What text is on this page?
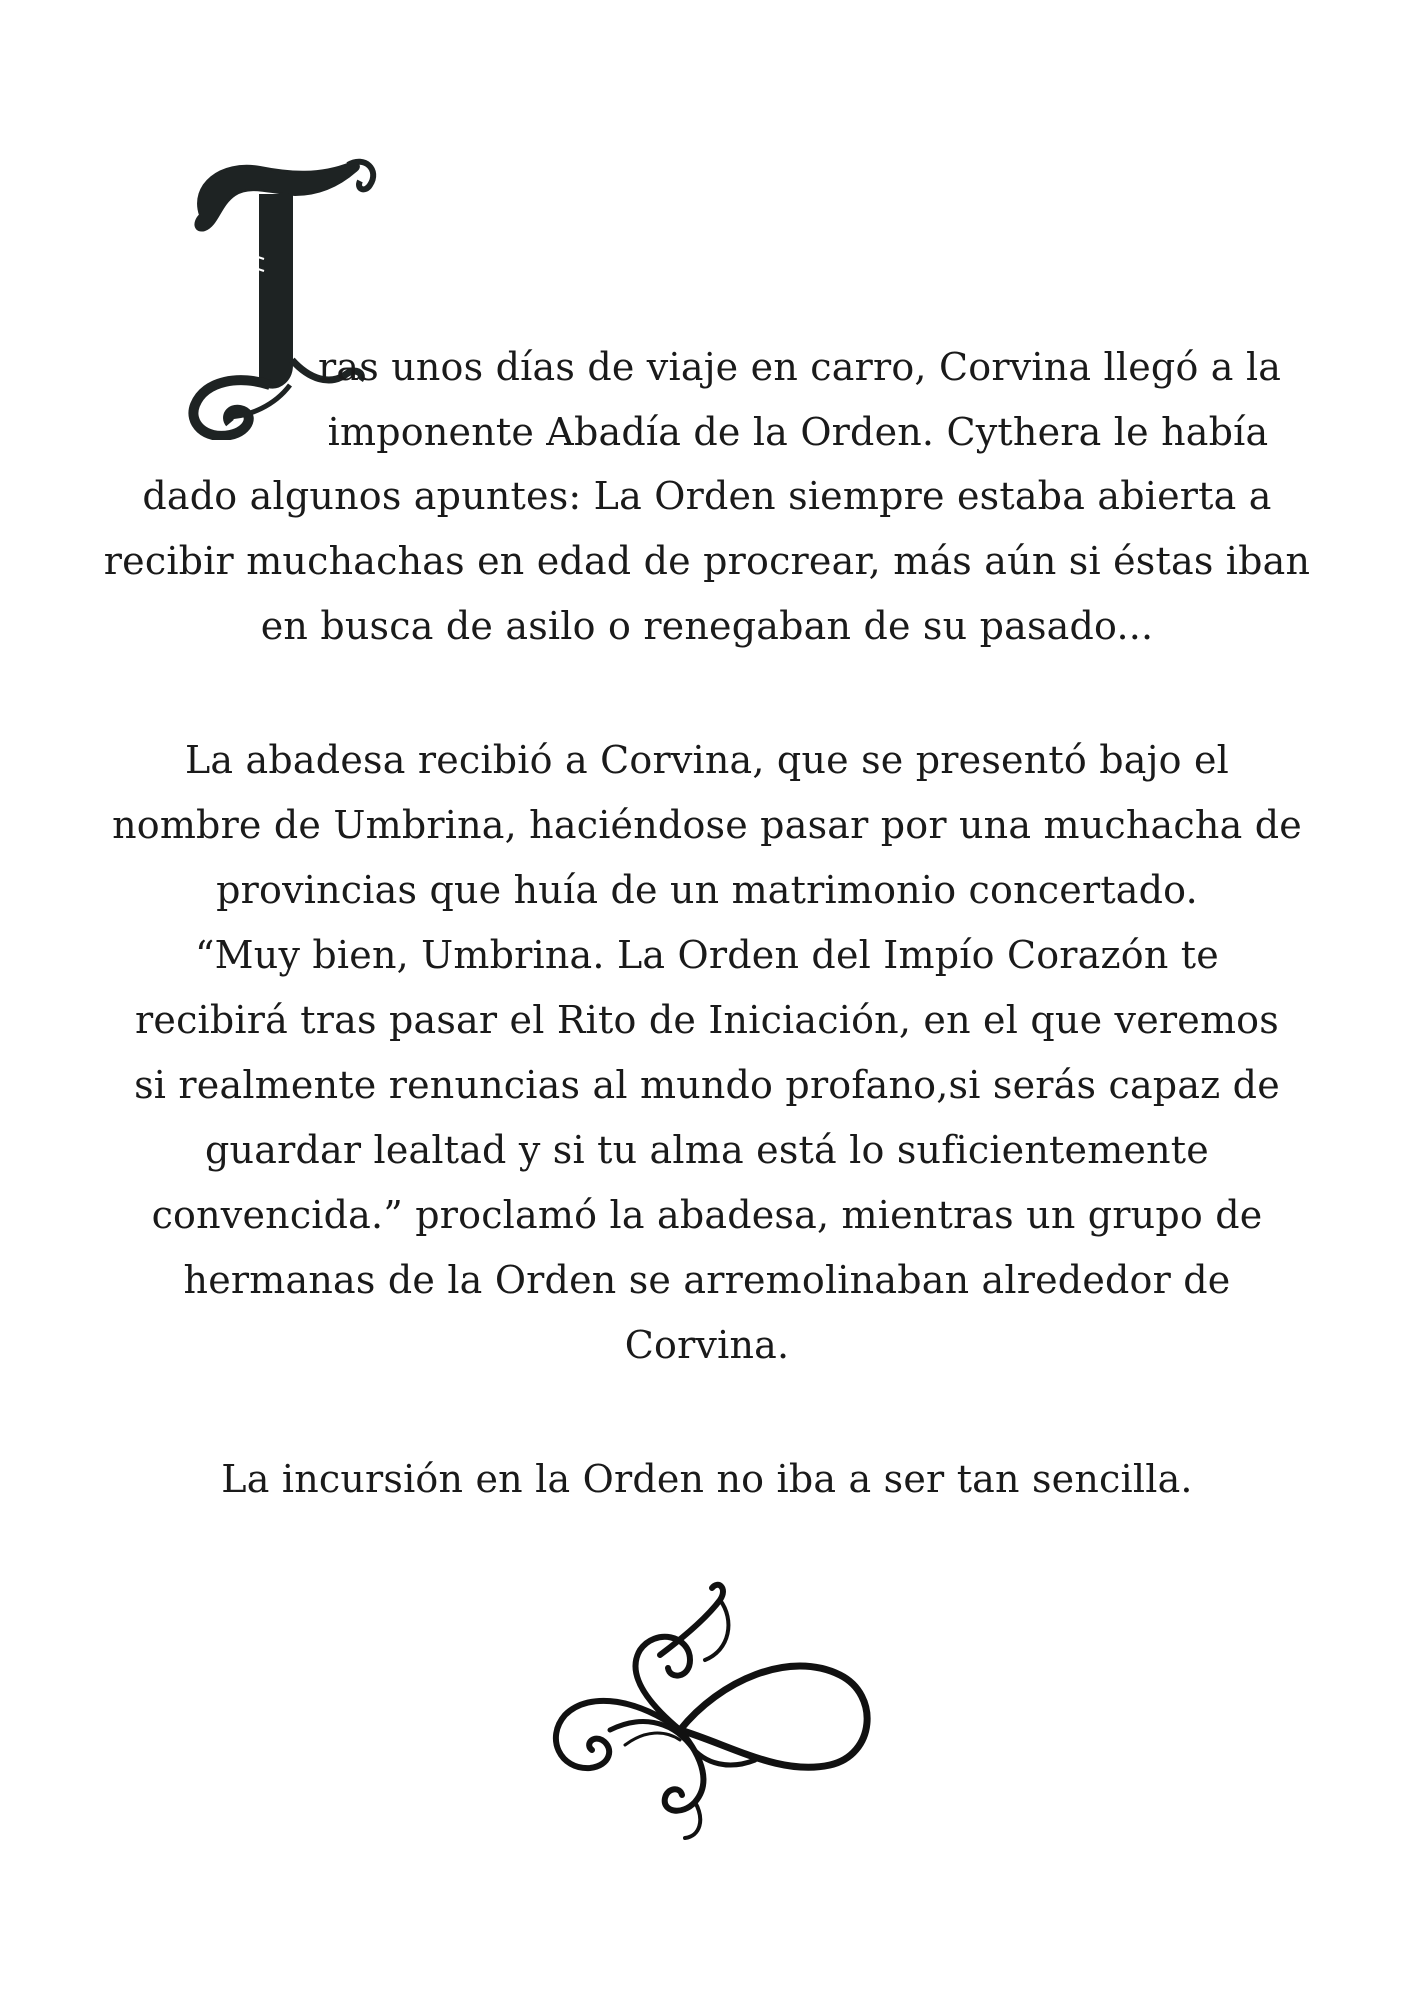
ras unos días de viaje en carro, Corvina llegó a la
imponente Abadía de la Orden. Cythera le había
dado algunos apuntes: La Orden siempre estaba abierta a
recibir muchachas en edad de procrear, más aún si éstas iban
en busca de asilo o renegaban de su pasado...
La abadesa recibió a Corvina, que se presentó bajo el
nombre de Umbrina, haciéndose pasar por una muchacha de
provincias que huía de un matrimonio concertado.
“Muy bien, Umbrina. La Orden del Impío Corazón te
recibirá tras pasar el Rito de Iniciación, en el que veremos
si realmente renuncias al mundo profano,si serás capaz de
guardar lealtad y si tu alma está lo suficientemente
convencida.” proclamó la abadesa, mientras un grupo de
hermanas de la Orden se arremolinaban alrededor de
Corvina.
La incursión en la Orden no iba a ser tan sencilla.
